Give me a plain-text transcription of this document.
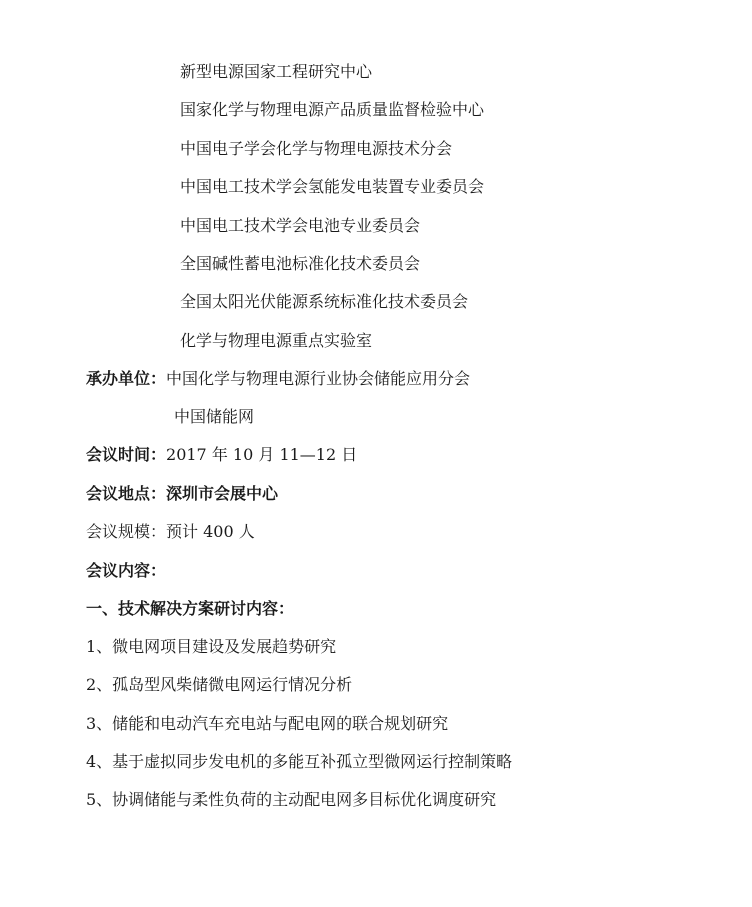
新型电源国家工程研究中心
国家化学与物理电源产品质量监督检验中心
中国电子学会化学与物理电源技术分会
中国电工技术学会氢能发电装置专业委员会
中国电工技术学会电池专业委员会
全国碱性蓄电池标准化技术委员会
全国太阳光伏能源系统标准化技术委员会
化学与物理电源重点实验室
承办单位：中国化学与物理电源行业协会储能应用分会
中国储能网
会议时间：2017 年 10 月 11—12 日
会议地点：深圳市会展中心
会议规模：预计 400 人
会议内容：
一、技术解决方案研讨内容：
1、微电网项目建设及发展趋势研究
2、孤岛型风柴储微电网运行情况分析
3、储能和电动汽车充电站与配电网的联合规划研究
4、基于虚拟同步发电机的多能互补孤立型微网运行控制策略
5、协调储能与柔性负荷的主动配电网多目标优化调度研究
